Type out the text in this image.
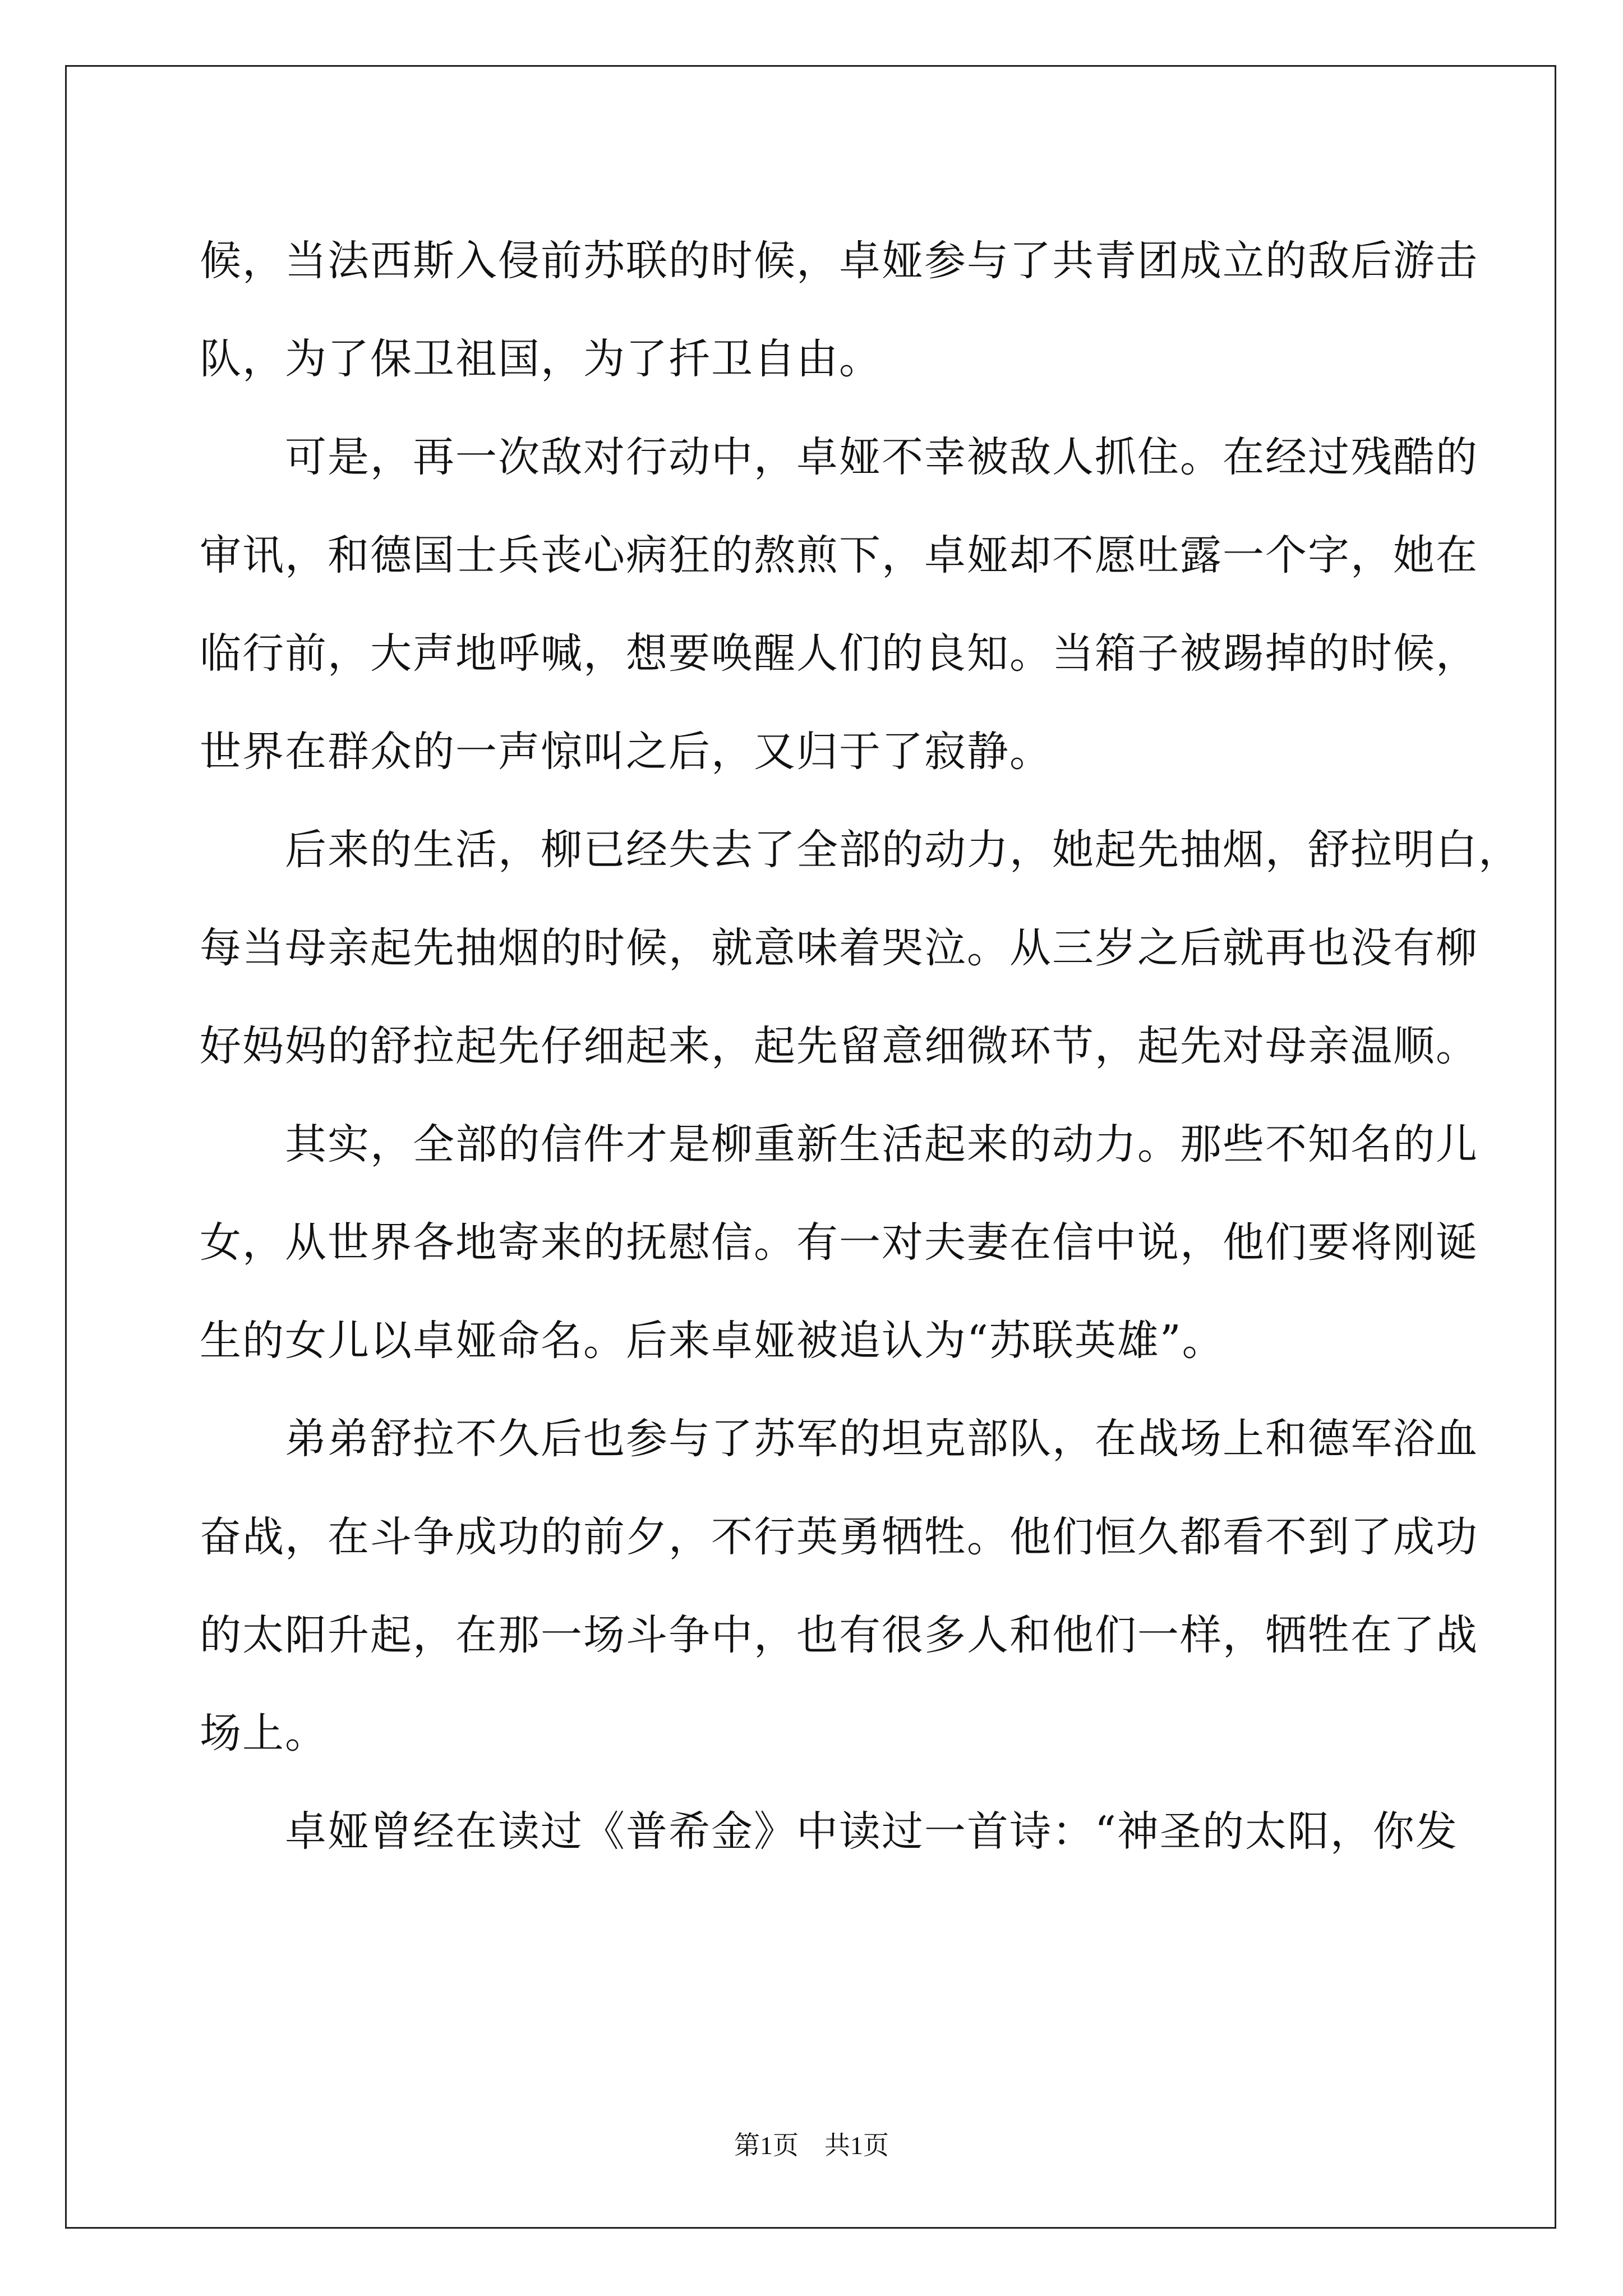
候，当法西斯入侵前苏联的时候，卓娅参与了共青团成立的敌后游击
队，为了保卫祖国，为了扦卫自由。
　　可是，再一次敌对行动中，卓娅不幸被敌人抓住。在经过残酷的
审讯，和德国士兵丧心病狂的熬煎下，卓娅却不愿吐露一个字，她在
临行前，大声地呼喊，想要唤醒人们的良知。当箱子被踢掉的时候，
世界在群众的一声惊叫之后，又归于了寂静。
　　后来的生活，柳已经失去了全部的动力，她起先抽烟，舒拉明白，
每当母亲起先抽烟的时候，就意味着哭泣。从三岁之后就再也没有柳
好妈妈的舒拉起先仔细起来，起先留意细微环节，起先对母亲温顺。
　　其实，全部的信件才是柳重新生活起来的动力。那些不知名的儿
女，从世界各地寄来的抚慰信。有一对夫妻在信中说，他们要将刚诞
生的女儿以卓娅命名。后来卓娅被追认为“苏联英雄”。
　　弟弟舒拉不久后也参与了苏军的坦克部队，在战场上和德军浴血
奋战，在斗争成功的前夕，不行英勇牺牲。他们恒久都看不到了成功
的太阳升起，在那一场斗争中，也有很多人和他们一样，牺牲在了战
场上。
　　卓娅曾经在读过《普希金》中读过一首诗：“神圣的太阳，你发
第1页　共1页
